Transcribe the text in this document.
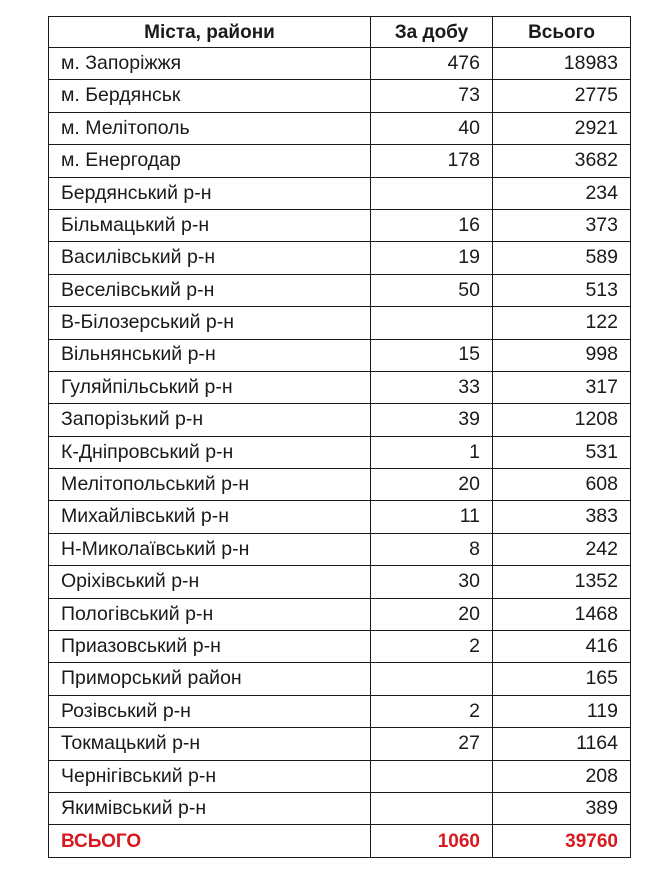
Міста, райони	За добу	Всього
м. Запоріжжя	476	18983
м. Бердянськ	73	2775
м. Мелітополь	40	2921
м. Енергодар	178	3682
Бердянський р-н		234
Більмацький р-н	16	373
Василівський р-н	19	589
Веселівський р-н	50	513
В-Білозерський р-н		122
Вільнянський р-н	15	998
Гуляйпільський р-н	33	317
Запорізький р-н	39	1208
К-Дніпровський р-н	1	531
Мелітопольський р-н	20	608
Михайлівський р-н	11	383
Н-Миколаївський р-н	8	242
Оріхівський р-н	30	1352
Пологівський р-н	20	1468
Приазовський р-н	2	416
Приморський район		165
Розівський р-н	2	119
Токмацький р-н	27	1164
Чернігівський р-н		208
Якимівський р-н		389
ВСЬОГО	1060	39760
